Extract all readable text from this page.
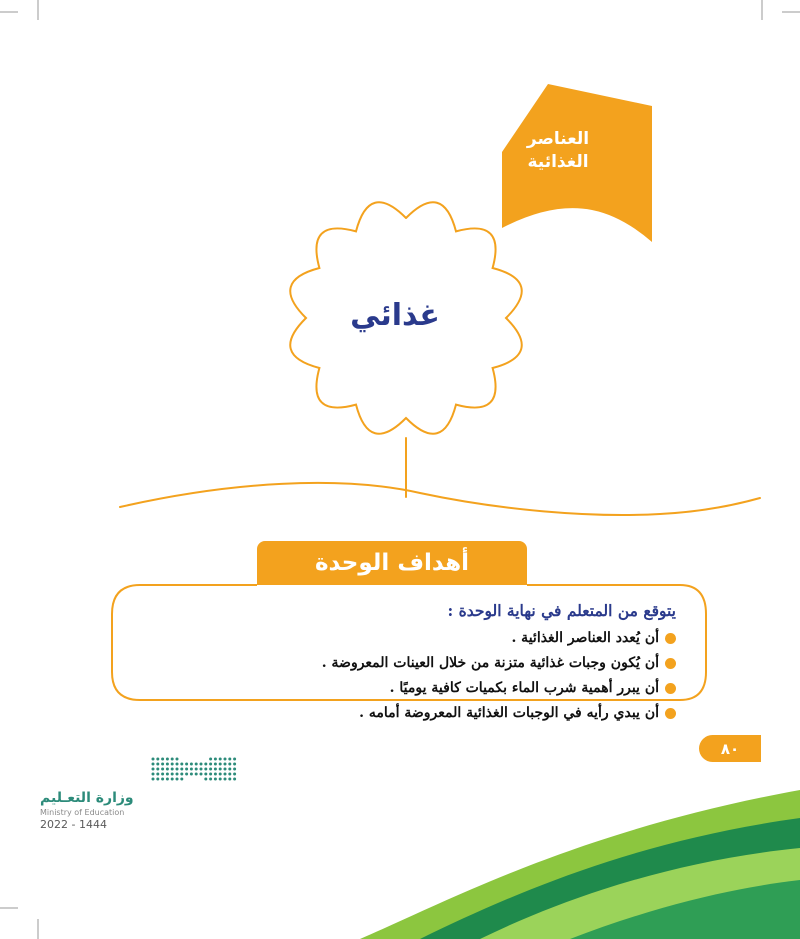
العناصر
الغذائية
غذائي
أهداف الوحدة

يتوقع من المتعلم في نهاية الوحدة :

أن يُعدد العناصر الغذائية .
أن يُكون وجبات غذائية متزنة من خلال العينات المعروضة .
أن يبرر أهمية شرب الماء بكميات كافية يوميًا .
أن يبدي رأيه في الوجبات الغذائية المعروضة أمامه .
٨٠
وزارة التعـليم
Ministry of Education
2022 - 1444
